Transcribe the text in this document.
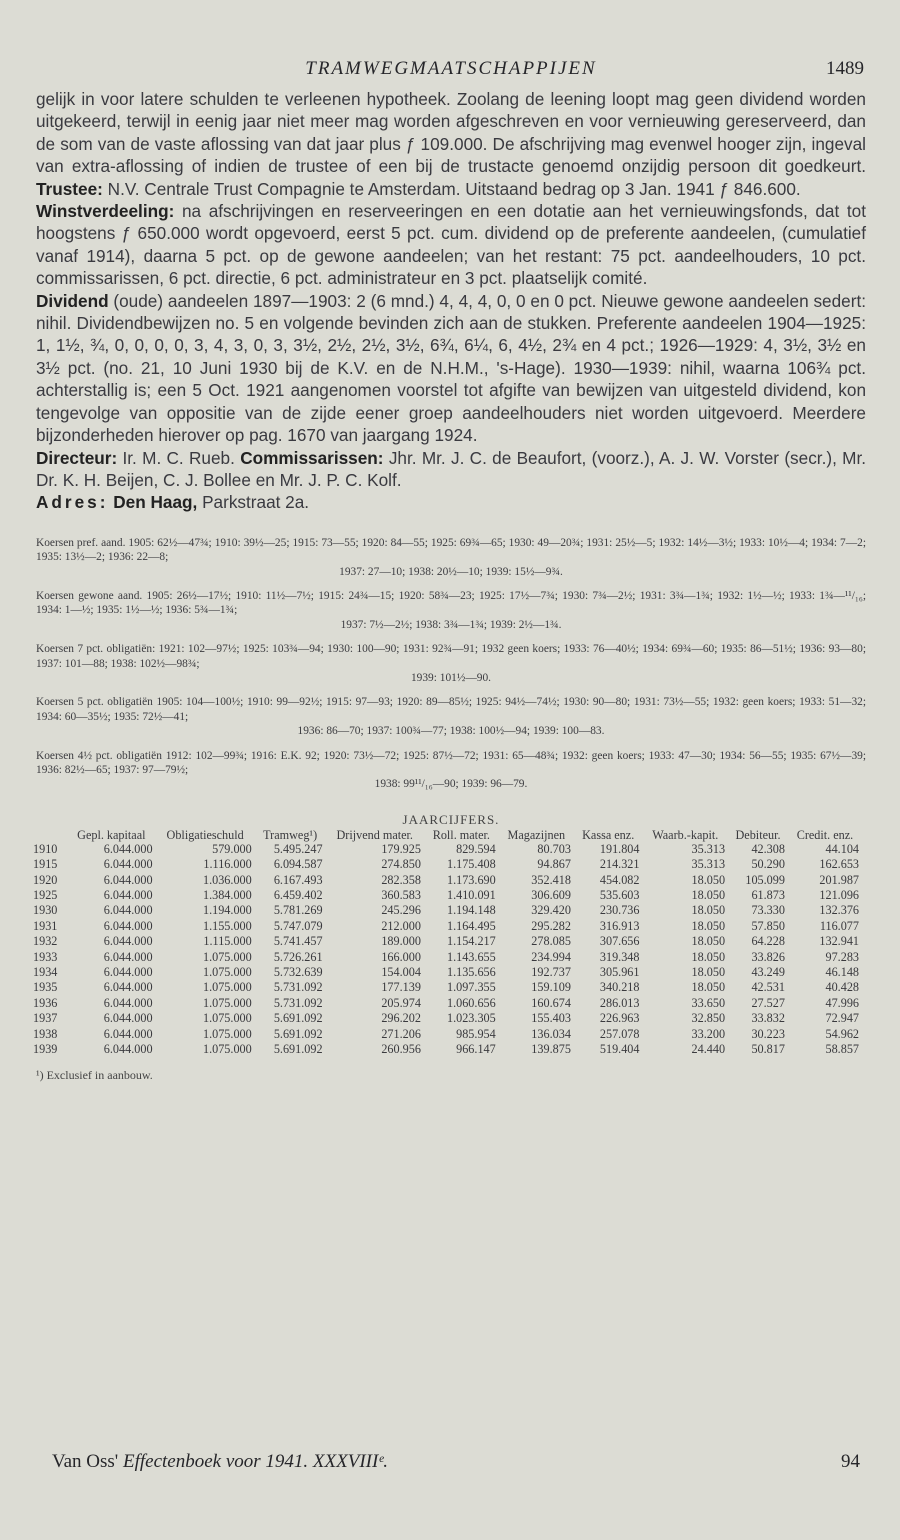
TRAMWEGMAATSCHAPPIJEN	1489

gelijk in voor latere schulden te verleenen hypotheek. Zoolang de leening loopt mag geen dividend worden uitgekeerd, terwijl in eenig jaar niet meer mag worden afgeschreven en voor vernieuwing gereserveerd, dan de som van de vaste aflossing van dat jaar plus ƒ 109.000. De afschrijving mag evenwel hooger zijn, ingeval van extra-aflossing of indien de trustee of een bij de trustacte genoemd onzijdig persoon dit goedkeurt. Trustee: N.V. Centrale Trust Compagnie te Amsterdam. Uitstaand bedrag op 3 Jan. 1941 ƒ 846.600.

Winstverdeeling: na afschrijvingen en reserveeringen en een dotatie aan het vernieuwingsfonds, dat tot hoogstens ƒ 650.000 wordt opgevoerd, eerst 5 pct. cum. dividend op de preferente aandeelen, (cumulatief vanaf 1914), daarna 5 pct. op de gewone aandeelen; van het restant: 75 pct. aandeelhouders, 10 pct. commissarissen, 6 pct. directie, 6 pct. administrateur en 3 pct. plaatselijk comité.

Dividend (oude) aandeelen 1897—1903: 2 (6 mnd.) 4, 4, 4, 0, 0 en 0 pct. Nieuwe gewone aandeelen sedert: nihil. Dividendbewijzen no. 5 en volgende bevinden zich aan de stukken. Preferente aandeelen 1904—1925: 1, 1½, ¾, 0, 0, 0, 0, 3, 4, 3, 0, 3, 3½, 2½, 2½, 3½, 6¾, 6¼, 6, 4½, 2¾ en 4 pct.; 1926—1929: 4, 3½, 3½ en 3½ pct. (no. 21, 10 Juni 1930 bij de K.V. en de N.H.M., 's-Hage). 1930—1939: nihil, waarna 106¾ pct. achterstallig is; een 5 Oct. 1921 aangenomen voorstel tot afgifte van bewijzen van uitgesteld dividend, kon tengevolge van oppositie van de zijde eener groep aandeelhouders niet worden uitgevoerd. Meerdere bijzonderheden hierover op pag. 1670 van jaargang 1924.

Directeur: Ir. M. C. Rueb. Commissarissen: Jhr. Mr. J. C. de Beaufort, (voorz.), A. J. W. Vorster (secr.), Mr. Dr. K. H. Beijen, C. J. Bollee en Mr. J. P. C. Kolf.

Adres: Den Haag, Parkstraat 2a.

Koersen pref. aand. 1905: 62½—47¾; 1910: 39½—25; 1915: 73—55; 1920: 84—55; 1925: 69¾—65; 1930: 49—20¾; 1931: 25½—5; 1932: 14½—3½; 1933: 10½—4; 1934: 7—2; 1935: 13½—2; 1936: 22—8;
1937: 27—10; 1938: 20½—10; 1939: 15½—9¾.
Koersen gewone aand. 1905: 26½—17½; 1910: 11½—7½; 1915: 24¾—15; 1920: 58¾—23; 1925: 17½—7¾; 1930: 7¾—2½; 1931: 3¾—1¾; 1932: 1½—½; 1933: 1¾—¹¹/₁₆; 1934: 1—½; 1935: 1½—½; 1936: 5¾—1¾;
1937: 7½—2½; 1938: 3¾—1¾; 1939: 2½—1¾.
Koersen 7 pct. obligatiën: 1921: 102—97½; 1925: 103¾—94; 1930: 100—90; 1931: 92¾—91; 1932 geen koers; 1933: 76—40½; 1934: 69¾—60; 1935: 86—51½; 1936: 93—80; 1937: 101—88; 1938: 102½—98¾;
1939: 101½—90.
Koersen 5 pct. obligatiën 1905: 104—100½; 1910: 99—92½; 1915: 97—93; 1920: 89—85½; 1925: 94½—74½; 1930: 90—80; 1931: 73½—55; 1932: geen koers; 1933: 51—32; 1934: 60—35½; 1935: 72½—41;
1936: 86—70; 1937: 100¾—77; 1938: 100½—94; 1939: 100—83.
Koersen 4½ pct. obligatiën 1912: 102—99¾; 1916: E.K. 92; 1920: 73½—72; 1925: 87½—72; 1931: 65—48¾; 1932: geen koers; 1933: 47—30; 1934: 56—55; 1935: 67½—39; 1936: 82½—65; 1937: 97—79½;
1938: 99¹¹/₁₆—90; 1939: 96—79.
JAARCIJFERS.
	Gepl. kapitaal	Obligatieschuld	Tramweg¹)	Drijvend mater.	Roll. mater.	Magazijnen	Kassa enz.	Waarb.-kapit.	Debiteur.	Credit. enz.
1910	6.044.000	579.000	5.495.247	179.925	829.594	80.703	191.804	35.313	42.308	44.104
1915	6.044.000	1.116.000	6.094.587	274.850	1.175.408	94.867	214.321	35.313	50.290	162.653
1920	6.044.000	1.036.000	6.167.493	282.358	1.173.690	352.418	454.082	18.050	105.099	201.987
1925	6.044.000	1.384.000	6.459.402	360.583	1.410.091	306.609	535.603	18.050	61.873	121.096
1930	6.044.000	1.194.000	5.781.269	245.296	1.194.148	329.420	230.736	18.050	73.330	132.376
1931	6.044.000	1.155.000	5.747.079	212.000	1.164.495	295.282	316.913	18.050	57.850	116.077
1932	6.044.000	1.115.000	5.741.457	189.000	1.154.217	278.085	307.656	18.050	64.228	132.941
1933	6.044.000	1.075.000	5.726.261	166.000	1.143.655	234.994	319.348	18.050	33.826	97.283
1934	6.044.000	1.075.000	5.732.639	154.004	1.135.656	192.737	305.961	18.050	43.249	46.148
1935	6.044.000	1.075.000	5.731.092	177.139	1.097.355	159.109	340.218	18.050	42.531	40.428
1936	6.044.000	1.075.000	5.731.092	205.974	1.060.656	160.674	286.013	33.650	27.527	47.996
1937	6.044.000	1.075.000	5.691.092	296.202	1.023.305	155.403	226.963	32.850	33.832	72.947
1938	6.044.000	1.075.000	5.691.092	271.206	985.954	136.034	257.078	33.200	30.223	54.962
1939	6.044.000	1.075.000	5.691.092	260.956	966.147	139.875	519.404	24.440	50.817	58.857
¹) Exclusief in aanbouw.
Van Oss' Effectenboek voor 1941. XXXVIIIᵉ.	94
